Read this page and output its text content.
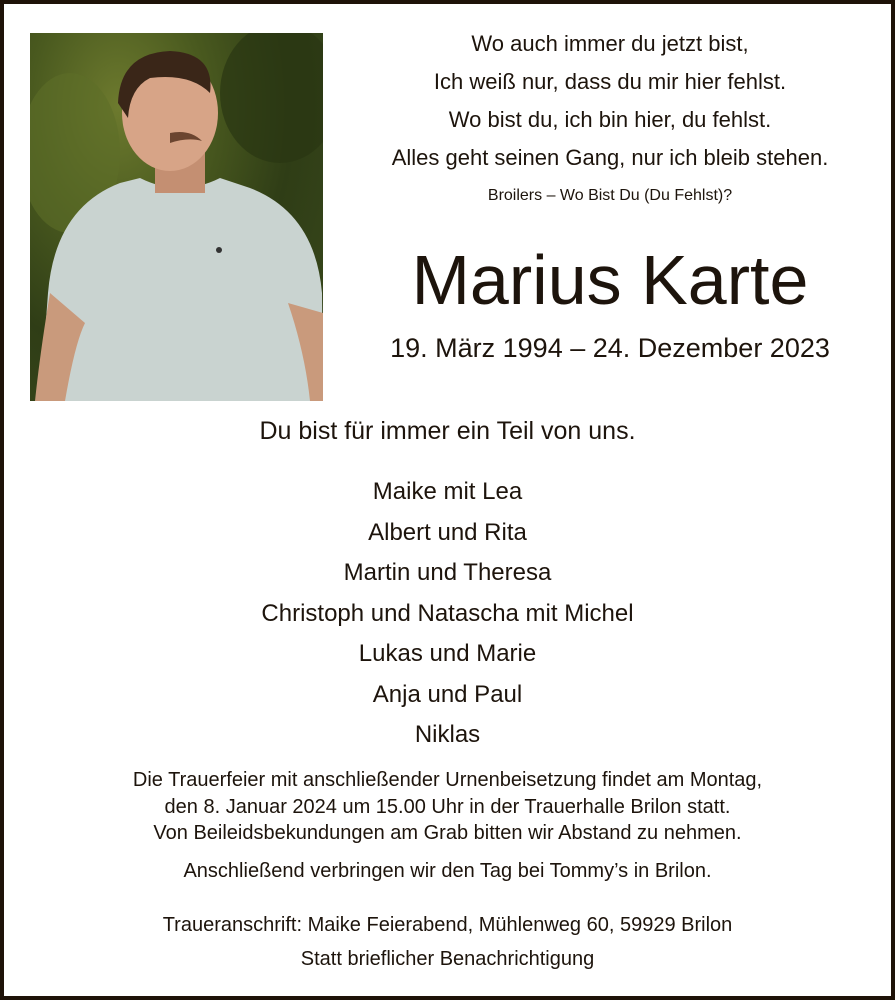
Wo auch immer du jetzt bist,
Ich weiß nur, dass du mir hier fehlst.
Wo bist du, ich bin hier, du fehlst.
Alles geht seinen Gang, nur ich bleib stehen.
Broilers – Wo Bist Du (Du Fehlst)?
Marius Karte
19. März 1994 – 24. Dezember 2023
Du bist für immer ein Teil von uns.
Maike mit Lea
Albert und Rita
Martin und Theresa
Christoph und Natascha mit Michel
Lukas und Marie
Anja und Paul
Niklas
Die Trauerfeier mit anschließender Urnenbeisetzung findet am Montag,
den 8. Januar 2024 um 15.00 Uhr in der Trauerhalle Brilon statt.
Von Beileidsbekundungen am Grab bitten wir Abstand zu nehmen.
Anschließend verbringen wir den Tag bei Tommy’s in Brilon.
Traueranschrift: Maike Feierabend, Mühlenweg 60, 59929 Brilon
Statt brieflicher Benachrichtigung
